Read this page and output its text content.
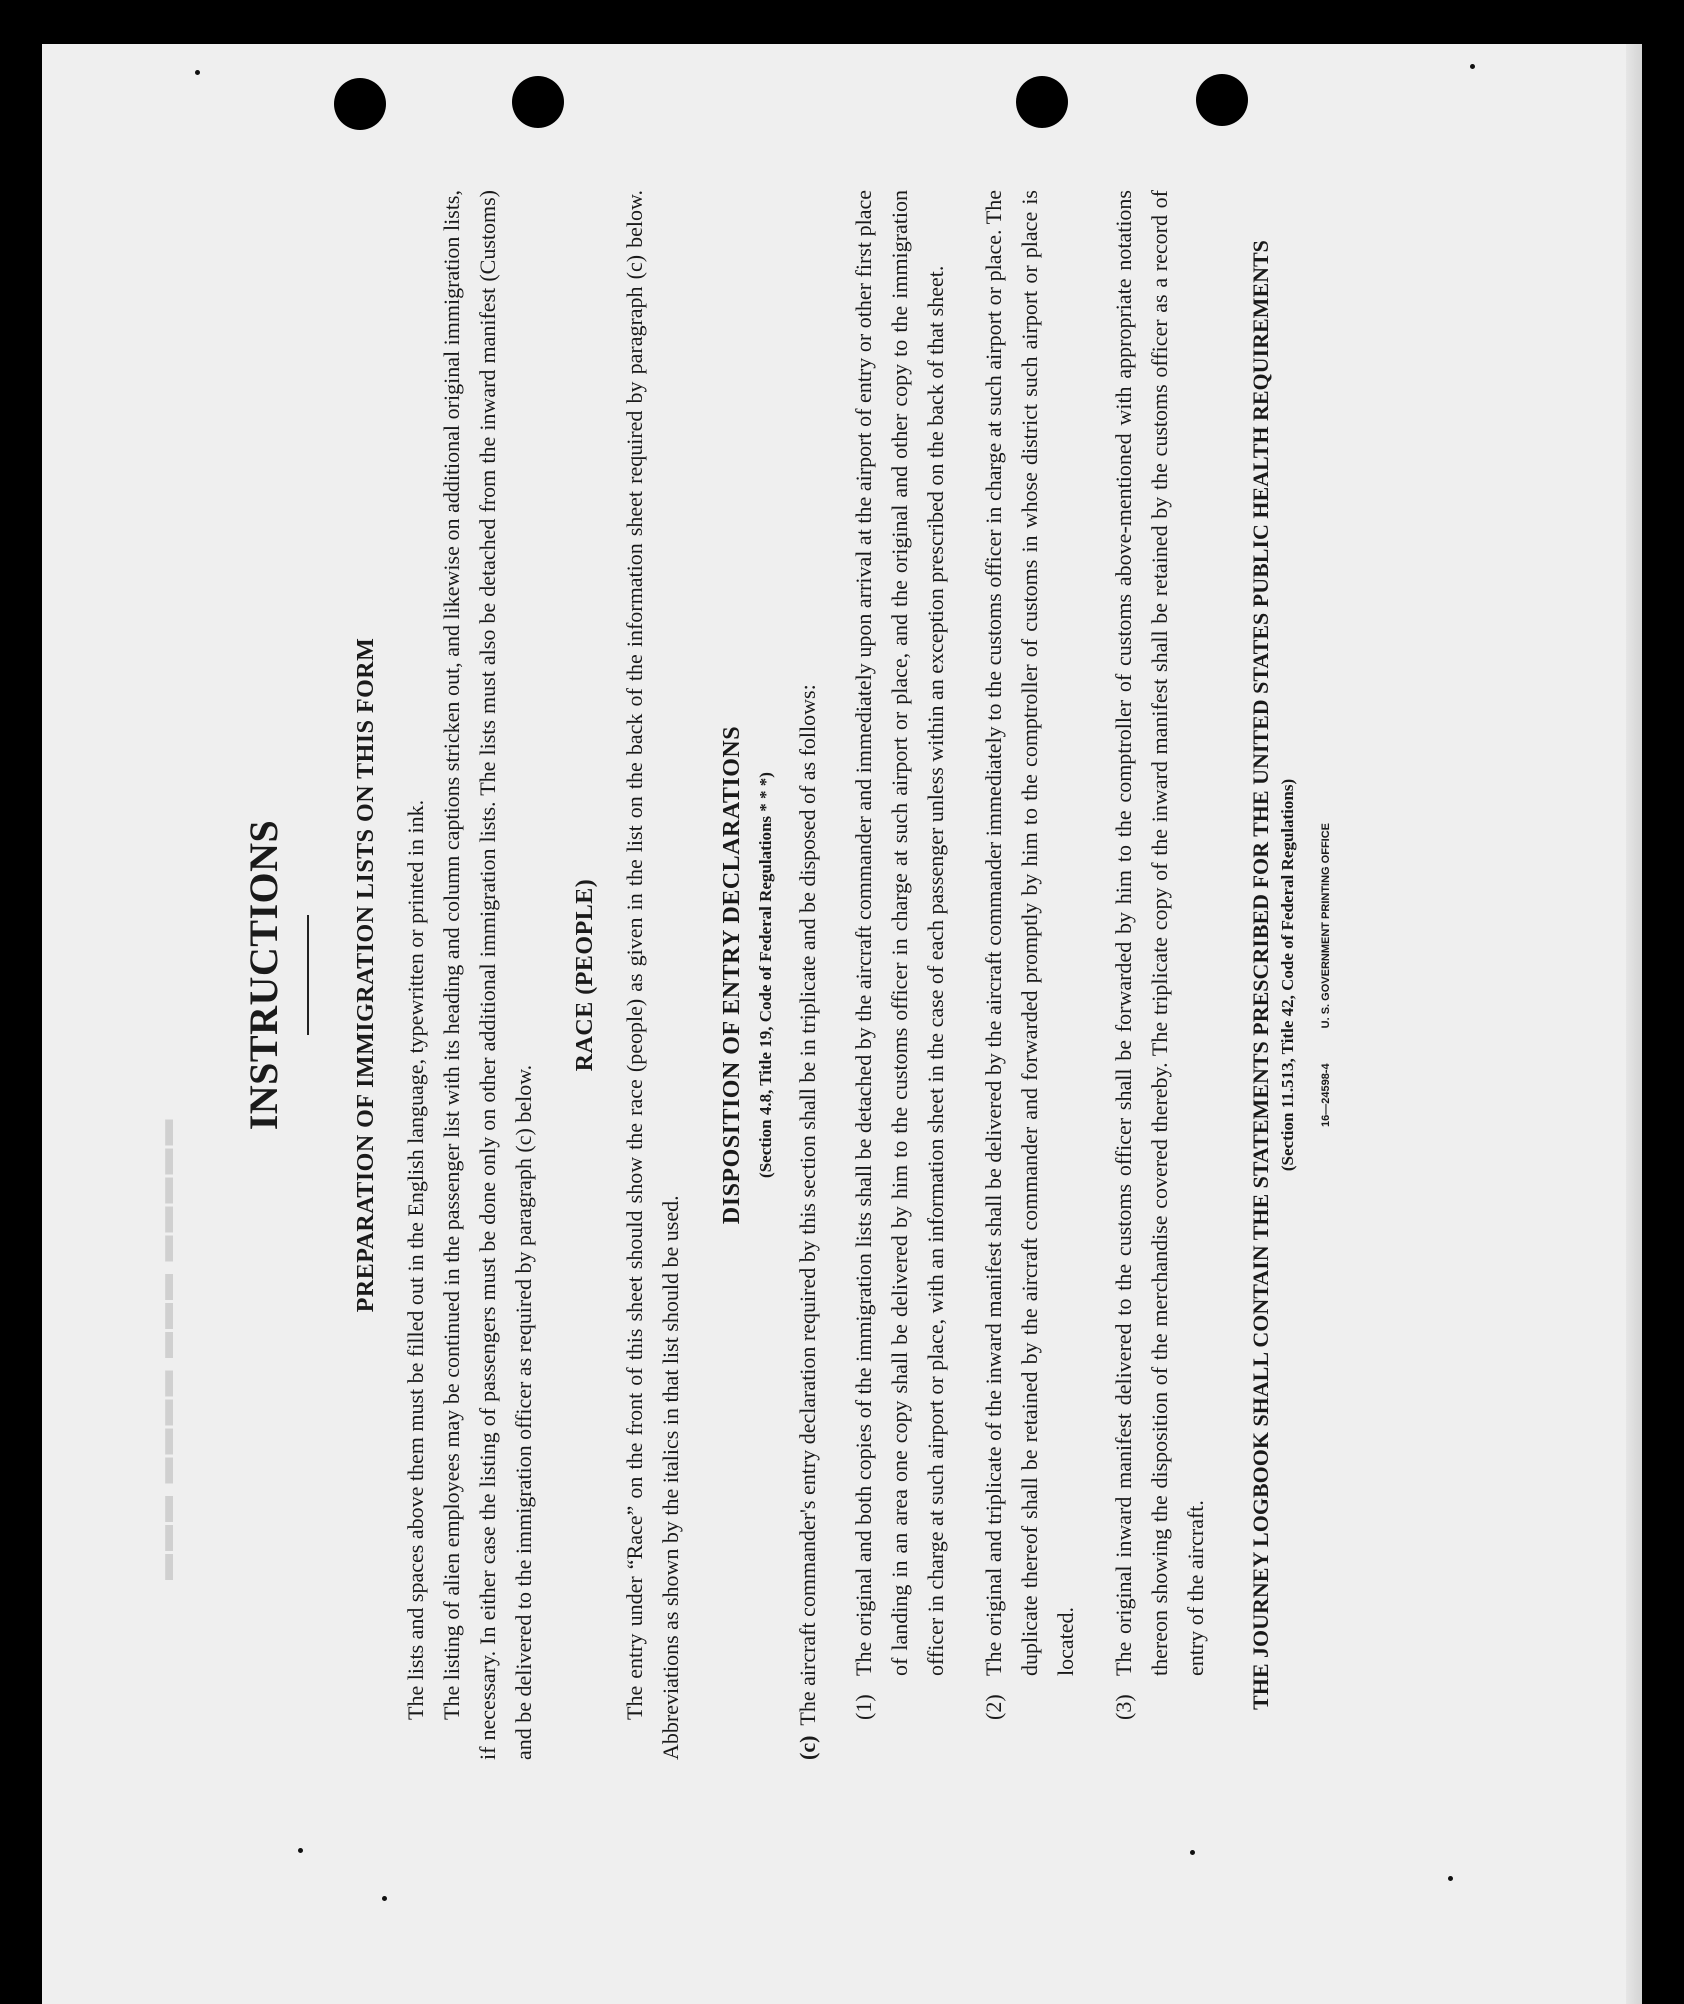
▬▬▬ ▬▬▬▬ ▬▬▬ ▬▬▬▬▬
INSTRUCTIONS	PREPARATION OF IMMIGRATION LISTS ON THIS FORM The lists and spaces above them must be filled out in the English language, typewritten or printed in ink. The listing of alien employees may be continued in the passenger list with its heading and column captions stricken out, and likewise on additional original immigration lists, if necessary. In either case the listing of passengers must be done only on other additional immigration lists. The lists must also be detached from the inward manifest (Customs) and be delivered to the immigration officer as required by paragraph (c) below.

RACE (PEOPLE) The entry under “Race” on the front of this sheet should show the race (people) as given in the list on the back of the information sheet required by paragraph (c) below. Abbreviations as shown by the italics in that list should be used.

DISPOSITION OF ENTRY DECLARATIONS (Section 4.8, Title 19, Code of Federal Regulations * * *)

(c)The aircraft commander's entry declaration required by this section shall be in triplicate and be disposed of as follows: (1)
The original and both copies of the immigration lists shall be detached by the aircraft commander and immediately upon arrival at the airport of entry or other first place of landing in an area one copy shall be delivered by him to the customs officer in charge at such airport or place, and the original and other copy to the immigration officer in charge at such airport or place, with an information sheet in the case of each passenger unless within an exception prescribed on the back of that sheet.
(2)
The original and triplicate of the inward manifest shall be delivered by the aircraft commander immediately to the customs officer in charge at such airport or place. The duplicate thereof shall be retained by the aircraft commander and forwarded promptly by him to the comptroller of customs in whose district such airport or place is located.
(3)
The original inward manifest delivered to the customs officer shall be forwarded by him to the comptroller of customs above-mentioned with appropriate notations thereon showing the disposition of the merchandise covered thereby. The triplicate copy of the inward manifest shall be retained by the customs officer as a record of entry of the aircraft. THE JOURNEY LOGBOOK SHALL CONTAIN THE STATEMENTS PRESCRIBED FOR THE UNITED STATES PUBLIC HEALTH REQUIREMENTS (Section 11.513, Title 42, Code of Federal Regulations) 16—24598-4 U. S. GOVERNMENT PRINTING OFFICE
